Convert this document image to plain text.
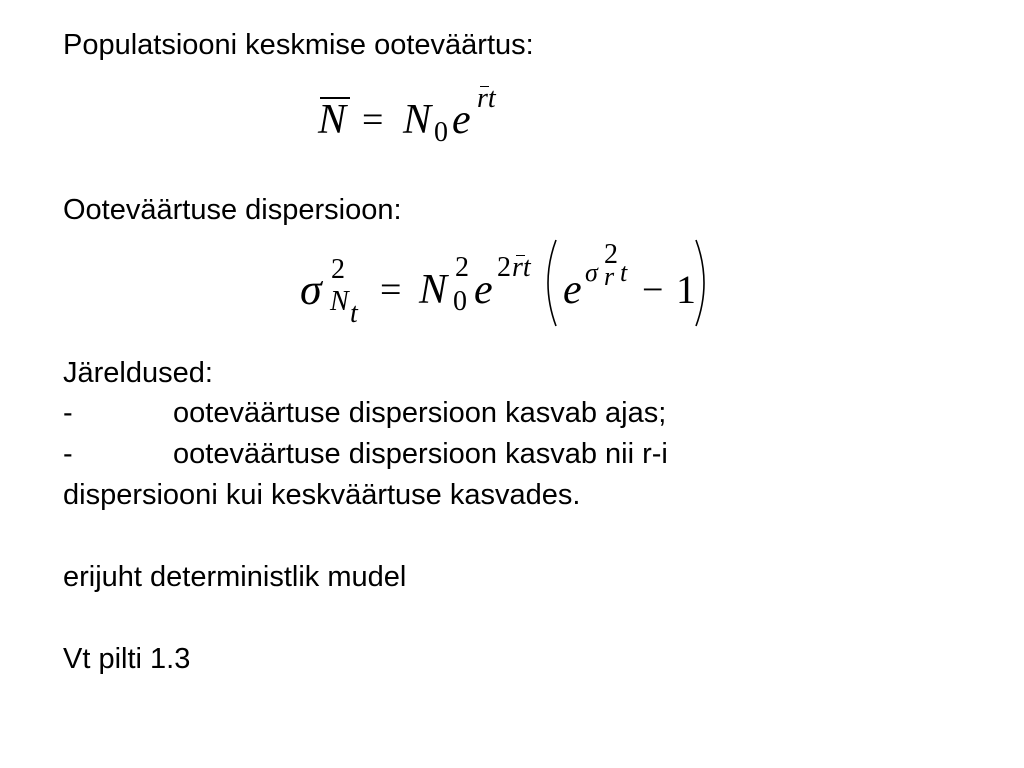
Populatsiooni keskmise ooteväärtus:

N = N 0 e rt

Ooteväärtuse dispersioon:

σ 2
N t
= N 2
0 e 2 rt e σ
2
r t − 1

Järeldused:

-	ooteväärtuse dispersioon kasvab ajas;
-	ooteväärtuse dispersioon kasvab nii r-i

dispersiooni kui keskväärtuse kasvades.

erijuht deterministlik mudel

Vt pilti 1.3
